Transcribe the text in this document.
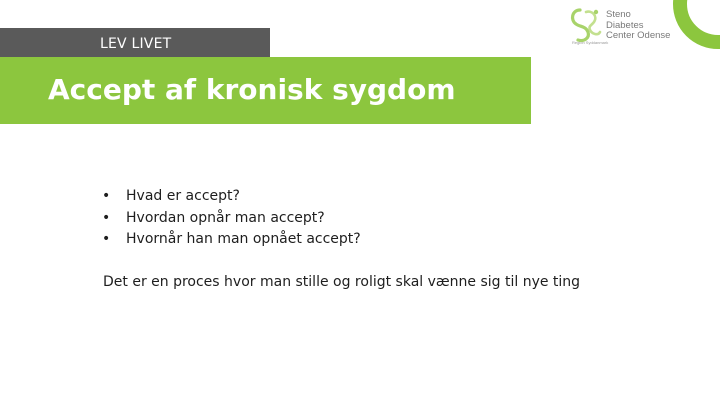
LEV LIVET
Accept af kronisk sygdom
Steno
Diabetes
Center Odense
Region Syddanmark
• Hvad er accept?
• Hvordan opnår man accept?
• Hvornår han man opnået accept?

Det er en proces hvor man stille og roligt skal vænne sig til nye ting
